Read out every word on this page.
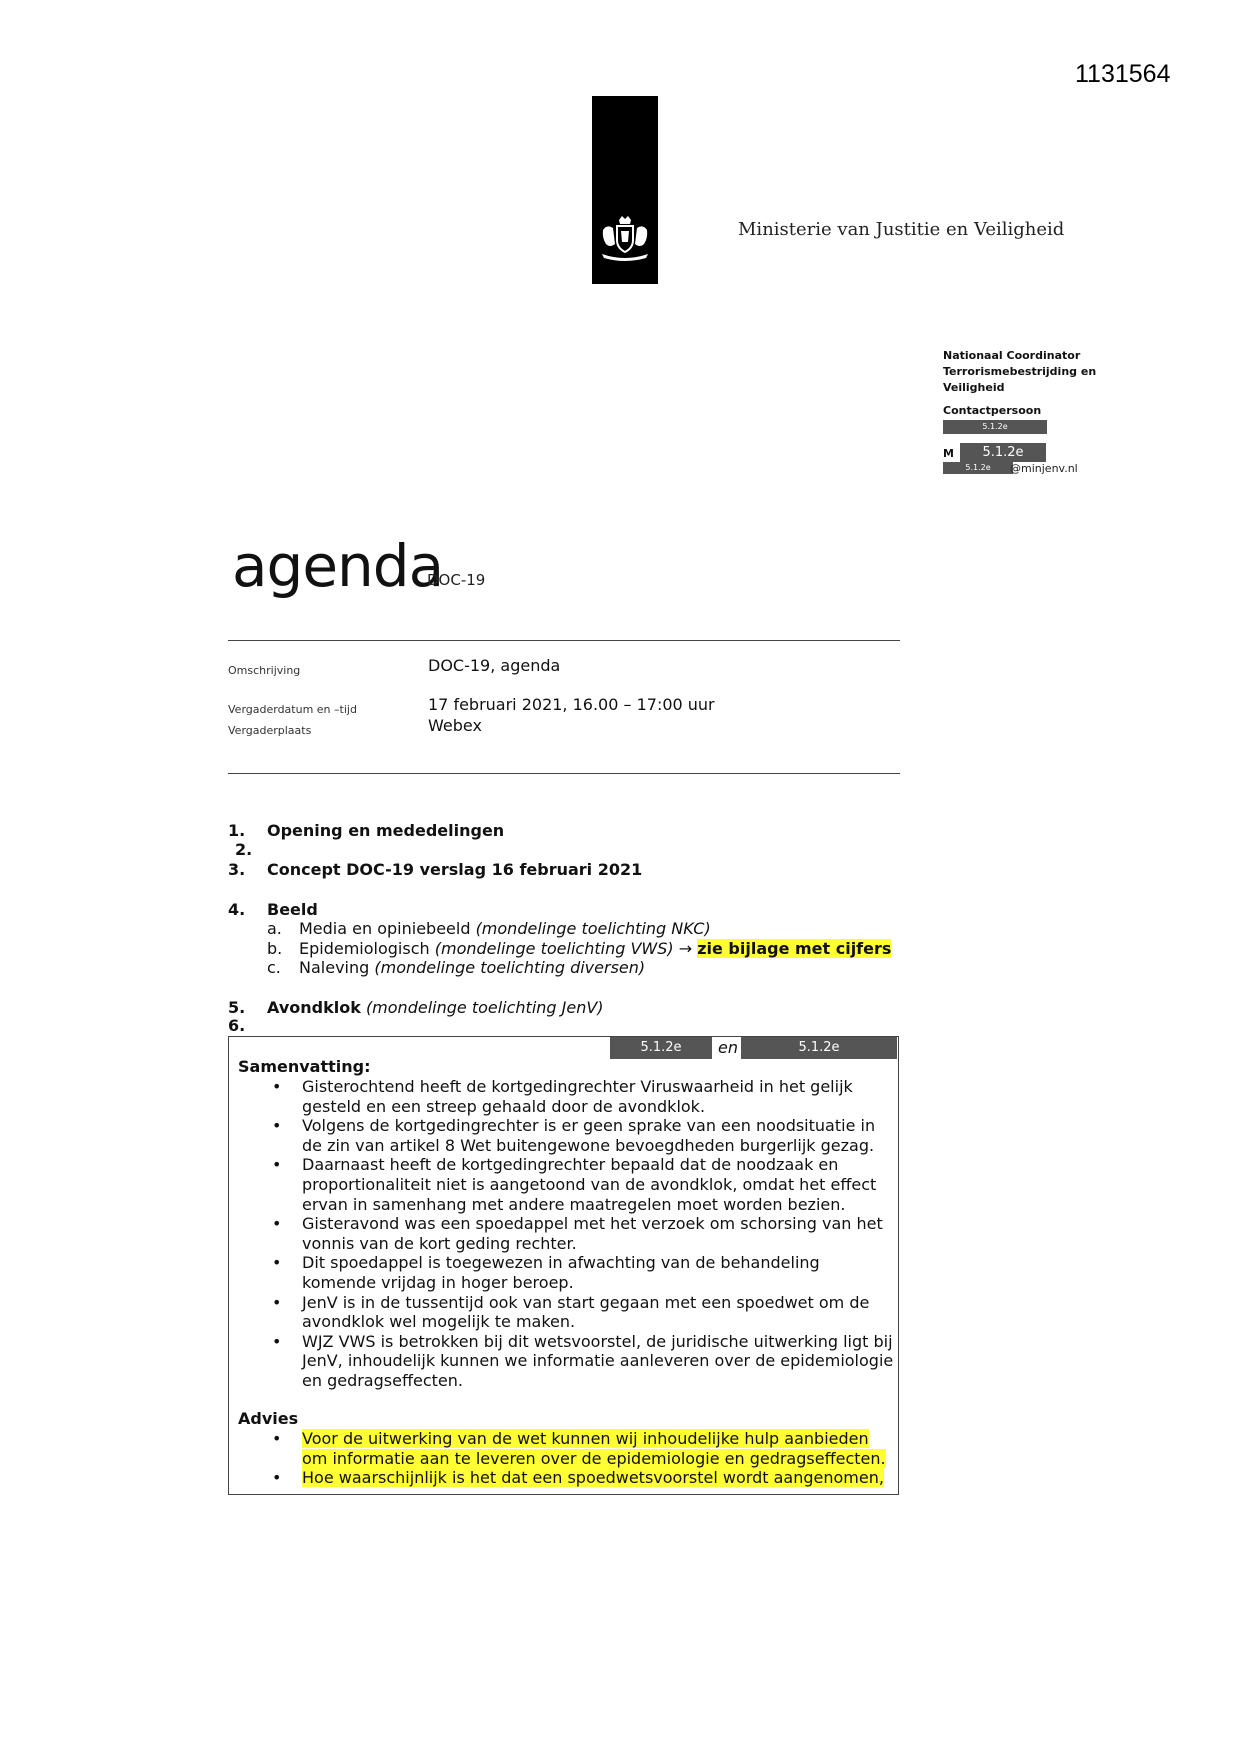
1131564
Ministerie van Justitie en Veiligheid
Nationaal Coordinator
Terrorismebestrijding en
Veiligheid
Contactpersoon
5.1.2e
M	5.1.2e
5.1.2e	@minjenv.nl
agenda
DOC-19
Omschrijving	DOC-19, agenda
Vergaderdatum en –tijd	17 februari 2021, 16.00 – 17:00 uur
Vergaderplaats	Webex
1. Opening en mededelingen
2.
3. Concept DOC-19 verslag 16 februari 2021
4. Beeld
a. Media en opiniebeeld (mondelinge toelichting NKC)
b. Epidemiologisch (mondelinge toelichting VWS) → zie bijlage met cijfers
c. Naleving (mondelinge toelichting diversen)
5. Avondklok (mondelinge toelichting JenV)
6.
5.1.2e	en	5.1.2e
Samenvatting:
• Gisterochtend heeft de kortgedingrechter Viruswaarheid in het gelijk gesteld en een streep gehaald door de avondklok.
• Volgens de kortgedingrechter is er geen sprake van een noodsituatie in de zin van artikel 8 Wet buitengewone bevoegdheden burgerlijk gezag.
• Daarnaast heeft de kortgedingrechter bepaald dat de noodzaak en proportionaliteit niet is aangetoond van de avondklok, omdat het effect ervan in samenhang met andere maatregelen moet worden bezien.
• Gisteravond was een spoedappel met het verzoek om schorsing van het vonnis van de kort geding rechter.
• Dit spoedappel is toegewezen in afwachting van de behandeling komende vrijdag in hoger beroep.
• JenV is in de tussentijd ook van start gegaan met een spoedwet om de avondklok wel mogelijk te maken.
• WJZ VWS is betrokken bij dit wetsvoorstel, de juridische uitwerking ligt bij JenV, inhoudelijk kunnen we informatie aanleveren over de epidemiologie en gedragseffecten.
Advies
• Voor de uitwerking van de wet kunnen wij inhoudelijke hulp aanbieden om informatie aan te leveren over de epidemiologie en gedragseffecten.
• Hoe waarschijnlijk is het dat een spoedwetsvoorstel wordt aangenomen,
